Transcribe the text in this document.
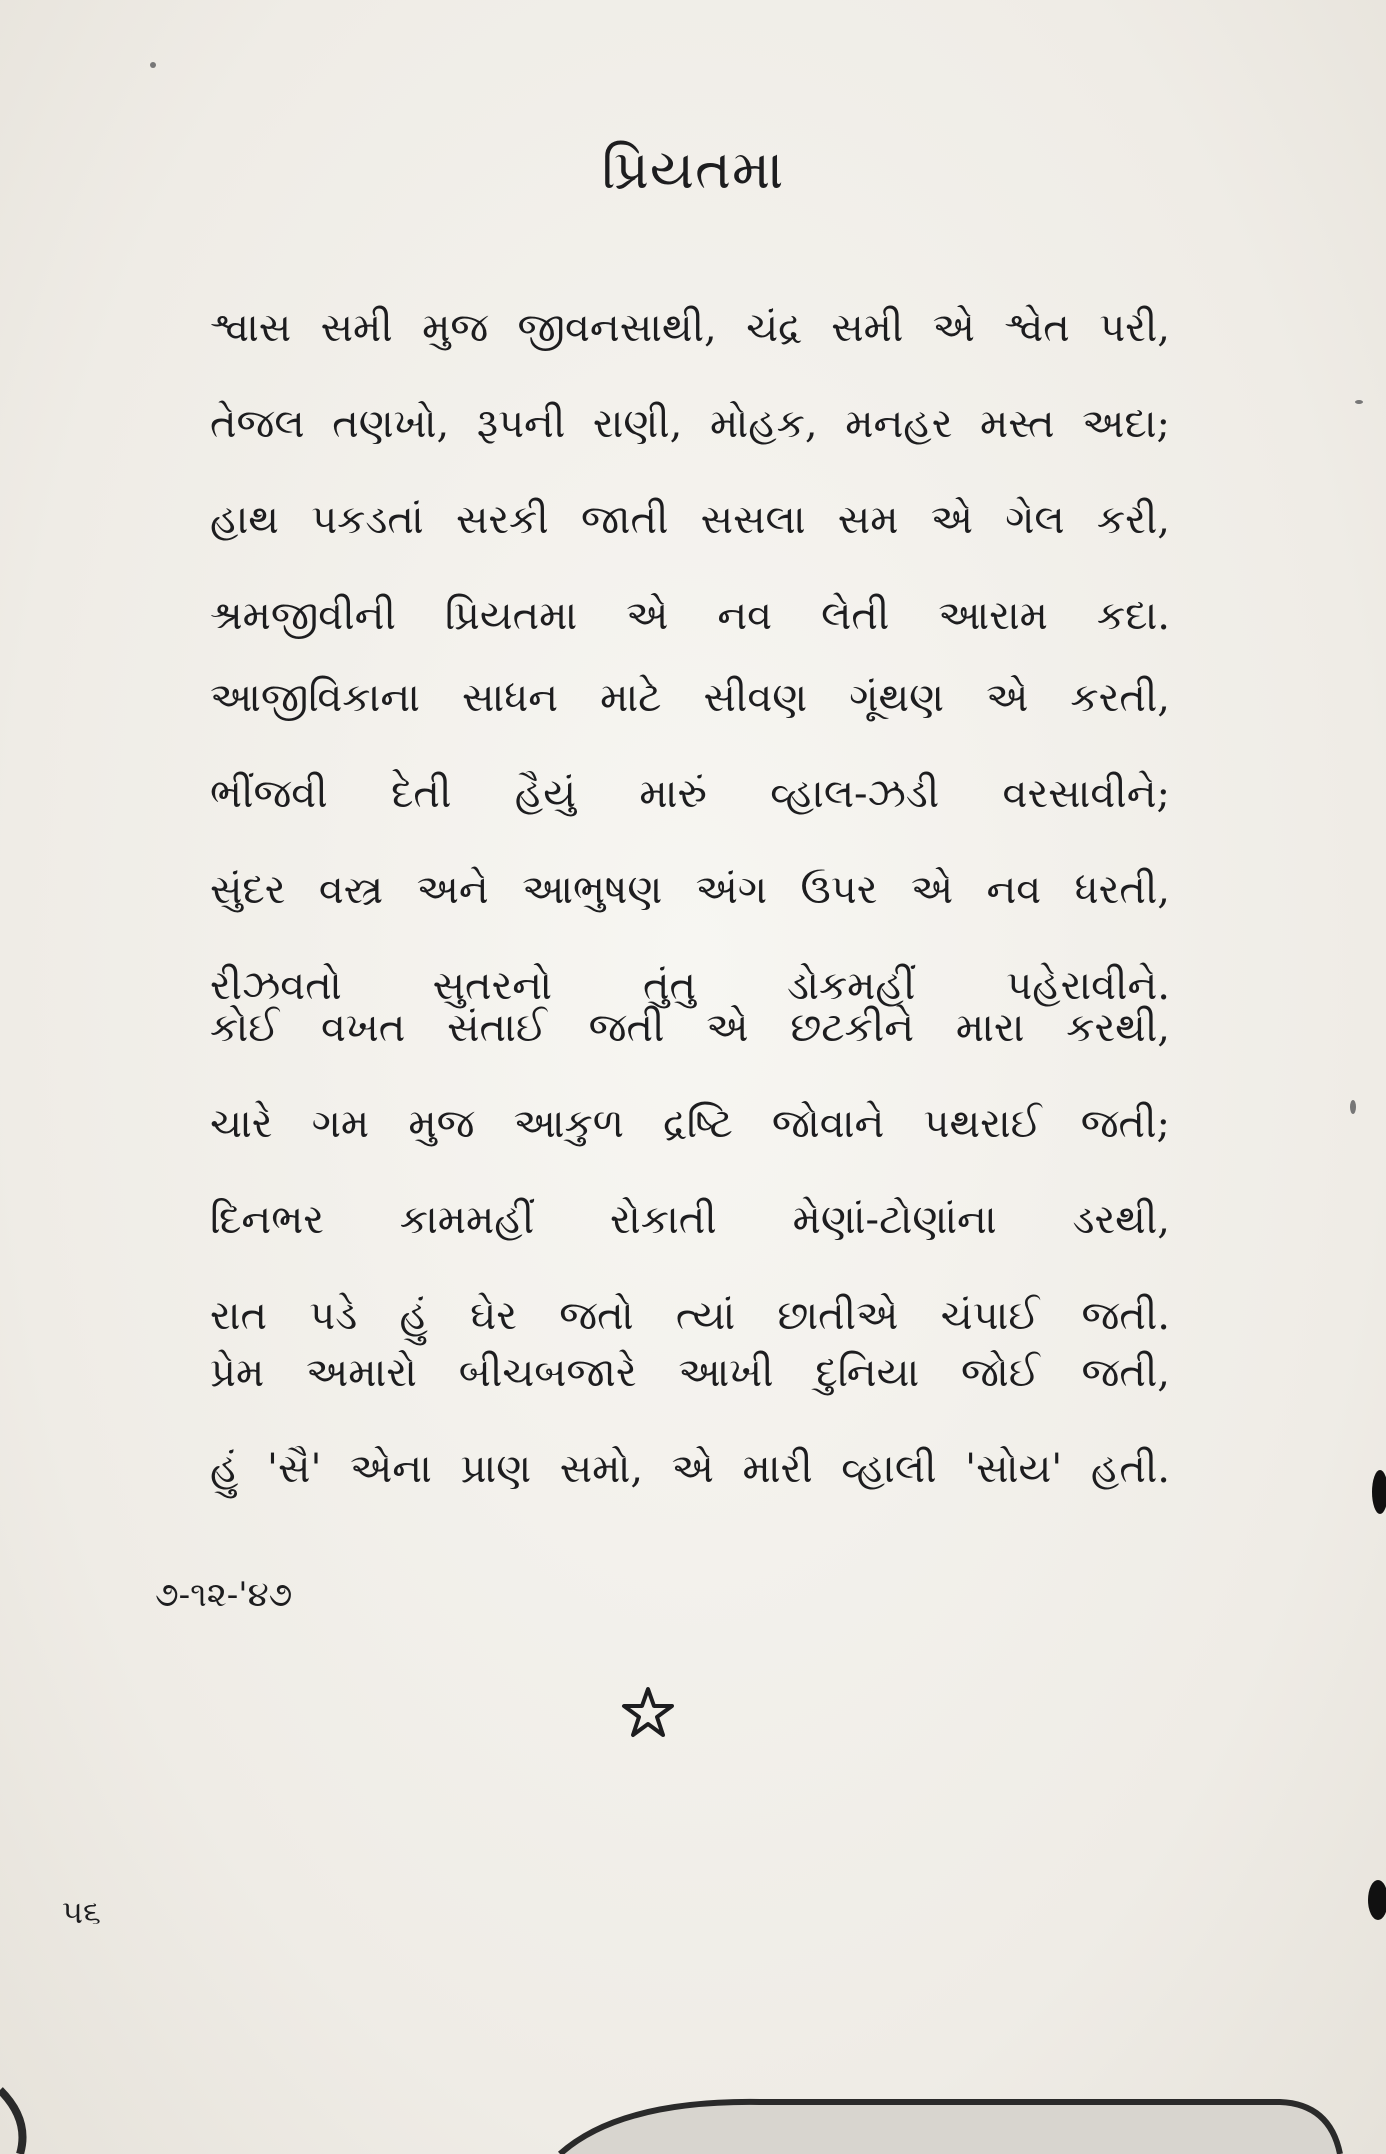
પ્રિયતમા
શ્વાસ સમી મુજ જીવનસાથી, ચંદ્ર સમી એ શ્વેત પરી,
તેજલ તણખો, રૂપની રાણી, મોહક, મનહર મસ્ત અદા;
હાથ પકડતાં સરકી જાતી સસલા સમ એ ગેલ કરી,
શ્રમજીવીની પ્રિયતમા એ નવ લેતી આરામ કદા.
આજીવિકાના સાધન માટે સીવણ ગૂંથણ એ કરતી,
ભીંજવી દેતી હૈયું મારું વ્હાલ-ઝડી વરસાવીને;
સુંદર વસ્ત્ર અને આભુષણ અંગ ઉપર એ નવ ધરતી,
રીઝવતો સુતરનો તુંતુ ડોકમહીં પહેરાવીને.
કોઈ વખત સંતાઈ જતી એ છટકીને મારા કરથી,
ચારે ગમ મુજ આકુળ દ્રષ્ટિ જોવાને પથરાઈ જતી;
દિનભર કામમહીં રોકાતી મેણાં-ટોણાંના ડરથી,
રાત પડે હું ઘેર જતો ત્યાં છાતીએ ચંપાઈ જતી.
પ્રેમ અમારો બીચબજારે આખી દુનિયા જોઈ જતી,
હું 'સૈ' એના પ્રાણ સમો, એ મારી વ્હાલી 'સોય' હતી.
૭-૧૨-'૪૭
૫૬
